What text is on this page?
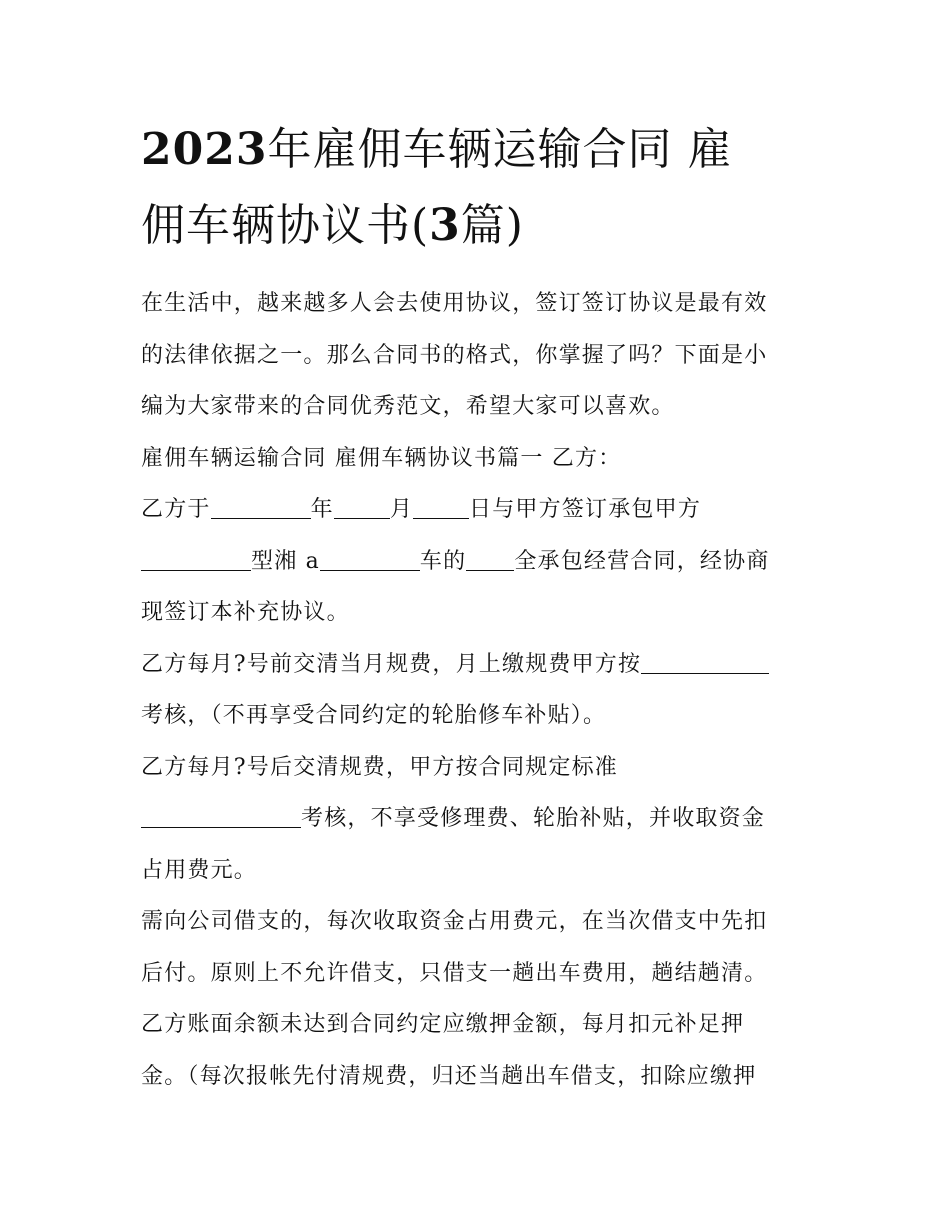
2023年雇佣车辆运输合同 雇
佣车辆协议书(3篇)

在生活中，越来越多人会去使用协议，签订签订协议是最有效
的法律依据之一。那么合同书的格式，你掌握了吗？下面是小
编为大家带来的合同优秀范文，希望大家可以喜欢。

雇佣车辆运输合同 雇佣车辆协议书篇一 乙方：

乙方于	年	月	日与甲方签订承包甲方
型湘 a	车的 全承包经营合同，经协商
现签订本补充协议。

乙方每月?号前交清当月规费，月上缴规费甲方按
考核，（不再享受合同约定的轮胎修车补贴）。

乙方每月?号后交清规费，甲方按合同规定标准
考核，不享受修理费、轮胎补贴，并收取资金
占用费元。

需向公司借支的，每次收取资金占用费元，在当次借支中先扣
后付。原则上不允许借支，只借支一趟出车费用，趟结趟清。

乙方账面余额未达到合同约定应缴押金额，每月扣元补足押
金。（每次报帐先付清规费，归还当趟出车借支，扣除应缴押
